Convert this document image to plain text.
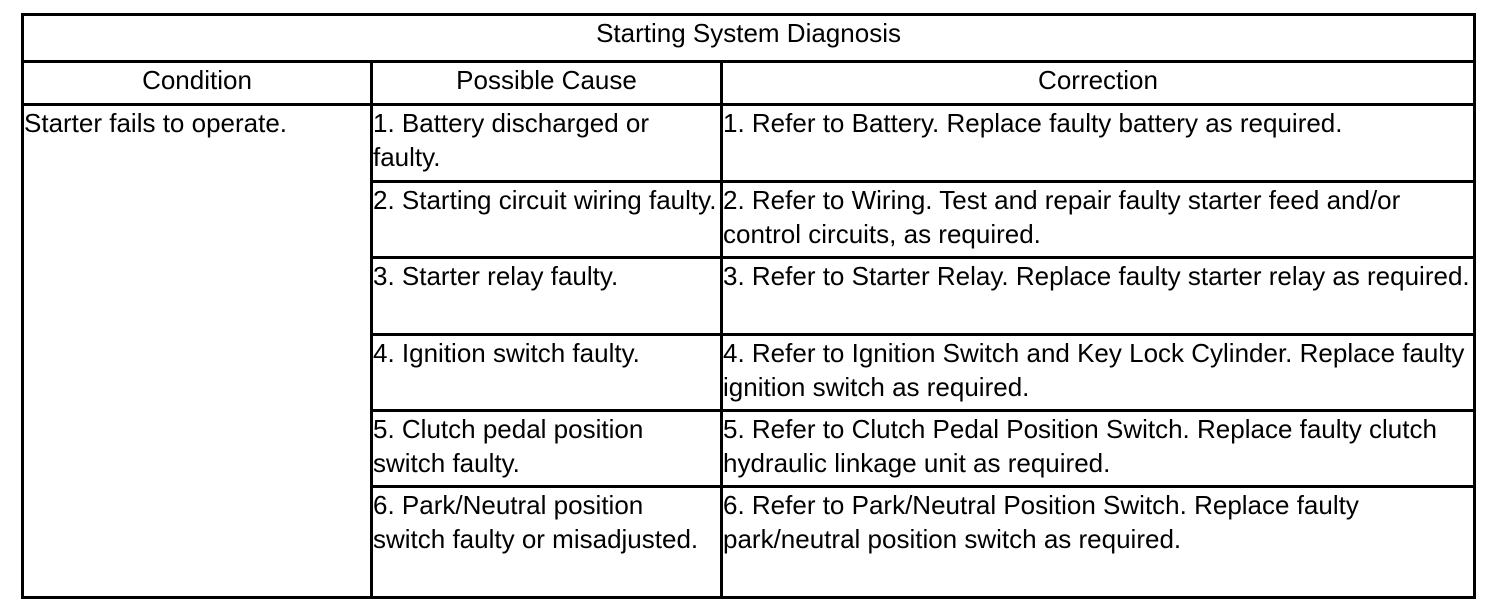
Starting System Diagnosis		
Condition	Possible Cause	Correction
Starter fails to operate.	1. Battery discharged or faulty.	1. Refer to Battery. Replace faulty battery as required.
	2. Starting circuit wiring faulty.	2. Refer to Wiring. Test and repair faulty starter feed and/or control circuits, as required.
	3. Starter relay faulty.	3. Refer to Starter Relay. Replace faulty starter relay as required.
	4. Ignition switch faulty.	4. Refer to Ignition Switch and Key Lock Cylinder. Replace faulty ignition switch as required.
	5. Clutch pedal position switch faulty.	5. Refer to Clutch Pedal Position Switch. Replace faulty clutch hydraulic linkage unit as required.
	6. Park/Neutral position switch faulty or misadjusted.	6. Refer to Park/Neutral Position Switch. Replace faulty park/neutral position switch as required.
